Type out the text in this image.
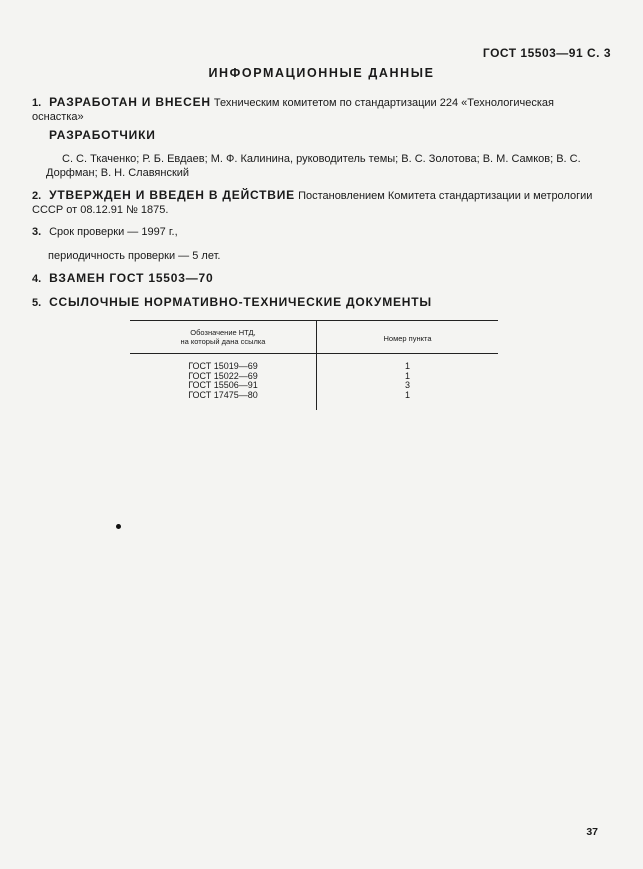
ГОСТ 15503—91 С. 3
ИНФОРМАЦИОННЫЕ ДАННЫЕ
1. РАЗРАБОТАН И ВНЕСЕН Техническим комитетом по стандартизации 224 «Технологическая оснастка»
РАЗРАБОТЧИКИ
С. С. Ткаченко; Р. Б. Евдаев; М. Ф. Калинина, руководитель темы; В. С. Золотова; В. М. Самков; В. С. Дорфман; В. Н. Славянский
2. УТВЕРЖДЕН И ВВЕДЕН В ДЕЙСТВИЕ Постановлением Комитета стандартизации и метрологии СССР от 08.12.91 № 1875.
3. Срок проверки — 1997 г.,
периодичность проверки — 5 лет.
4. ВЗАМЕН ГОСТ 15503—70
5. ССЫЛОЧНЫЕ НОРМАТИВНО-ТЕХНИЧЕСКИЕ ДОКУМЕНТЫ
Обозначение НТД,
на который дана ссылка	Номер пункта
ГОСТ 15019—69
ГОСТ 15022—69
ГОСТ 15506—91
ГОСТ 17475—80
1
1
3
1
37
